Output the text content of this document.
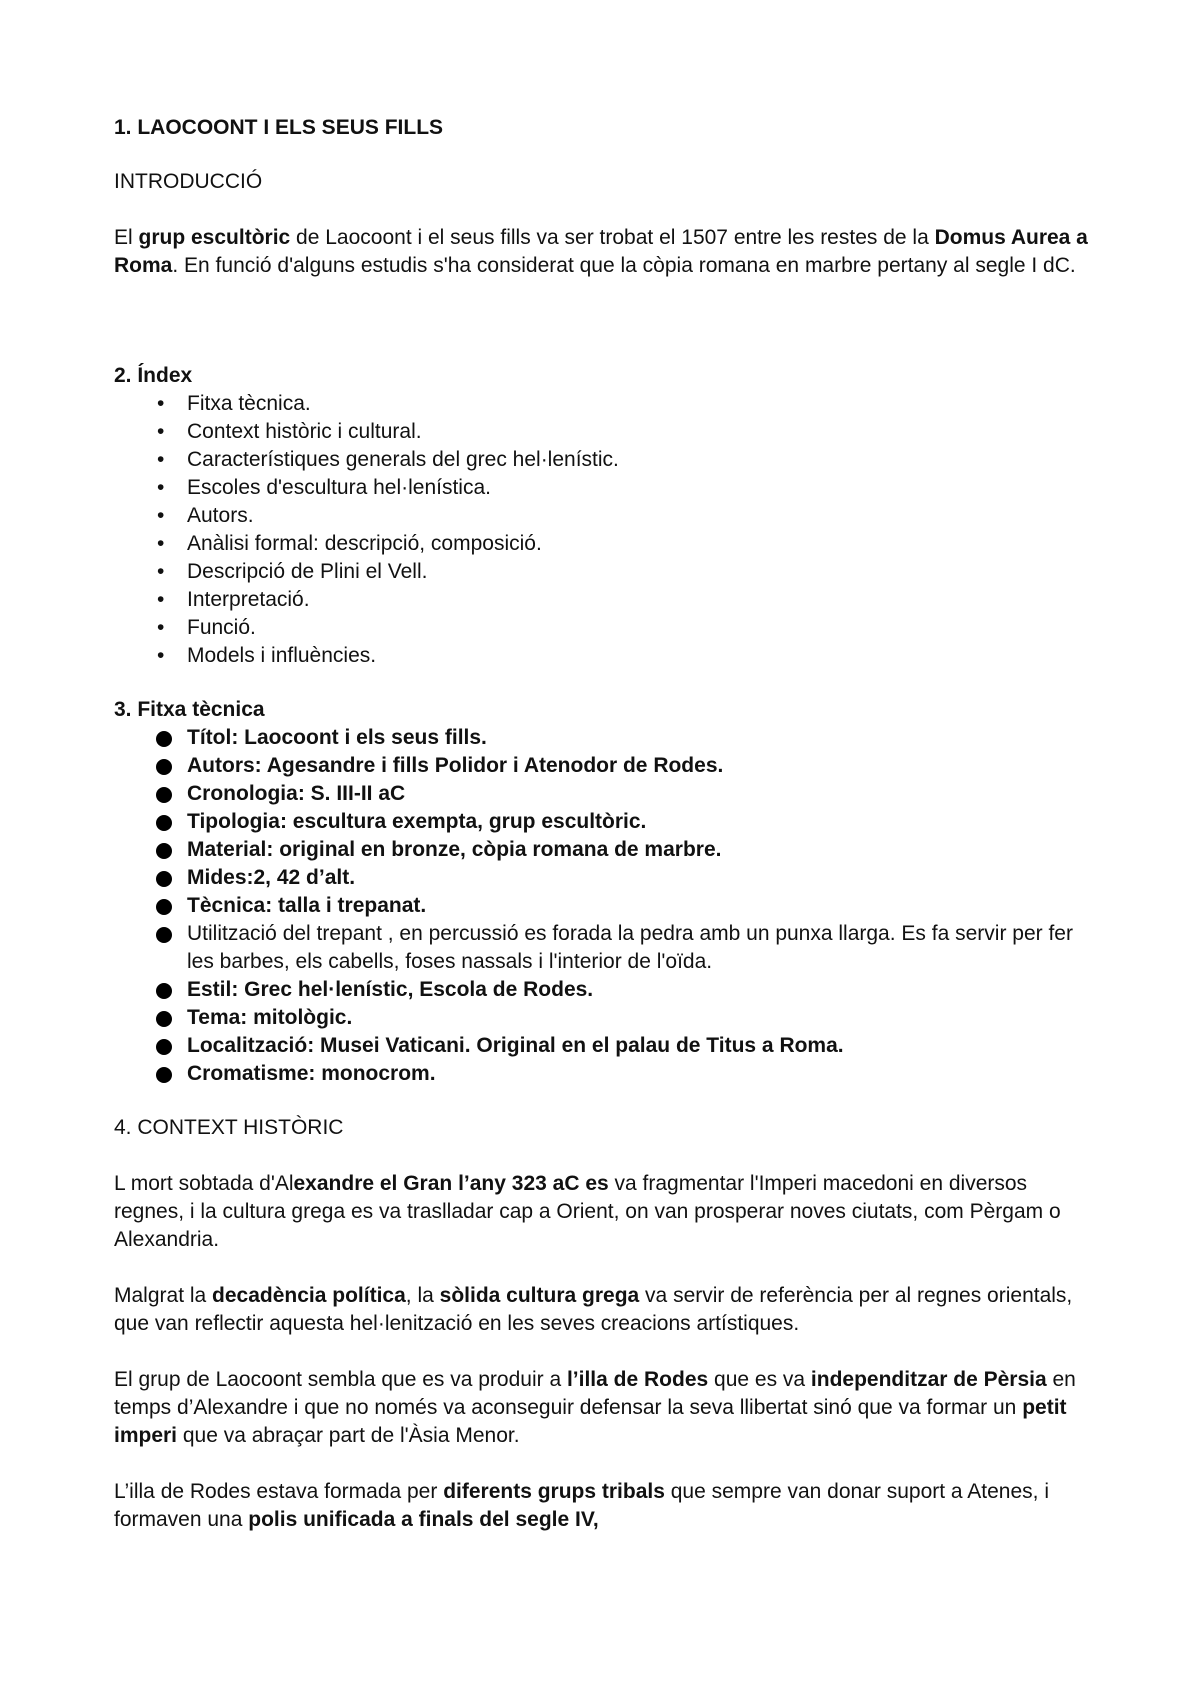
1. LAOCOONT I ELS SEUS FILLS

INTRODUCCIÓ

El grup escultòric de Laocoont i el seus fills va ser trobat el 1507 entre les restes de la Domus Aurea a Roma. En funció d'alguns estudis s'ha considerat que la còpia romana en marbre pertany al segle I dC.

2. Índex

• Fitxa tècnica.
• Context històric i cultural.
• Característiques generals del grec hel·lenístic.
• Escoles d'escultura hel·lenística.
• Autors.
• Anàlisi formal: descripció, composició.
• Descripció de Plini el Vell.
• Interpretació.
• Funció.
• Models i influències.

3. Fitxa tècnica

Títol: Laocoont i els seus fills.
Autors: Agesandre i fills Polidor i Atenodor de Rodes.
Cronologia: S. III-II aC
Tipologia: escultura exempta, grup escultòric.
Material: original en bronze, còpia romana de marbre.
Mides:2, 42 d’alt.
Tècnica: talla i trepanat.
Utilització del trepant , en percussió es forada la pedra amb un punxa llarga. Es fa servir per fer les barbes, els cabells, foses nassals i l'interior de l'oïda.
Estil: Grec hel·lenístic, Escola de Rodes.
Tema: mitològic.
Localització: Musei Vaticani. Original en el palau de Titus a Roma.
Cromatisme: monocrom.

4. CONTEXT HISTÒRIC

L mort sobtada d'Alexandre el Gran l’any 323 aC es va fragmentar l'Imperi macedoni en diversos regnes, i la cultura grega es va traslladar cap a Orient, on van prosperar noves ciutats, com Pèrgam o Alexandria.

Malgrat la decadència política, la sòlida cultura grega va servir de referència per al regnes orientals, que van reflectir aquesta hel·lenització en les seves creacions artístiques.

El grup de Laocoont sembla que es va produir a l’illa de Rodes que es va independitzar de Pèrsia en temps d’Alexandre i que no només va aconseguir defensar la seva llibertat sinó que va formar un petit imperi que va abraçar part de l'Àsia Menor.

L’illa de Rodes estava formada per diferents grups tribals que sempre van donar suport a Atenes, i formaven una polis unificada a finals del segle IV,
